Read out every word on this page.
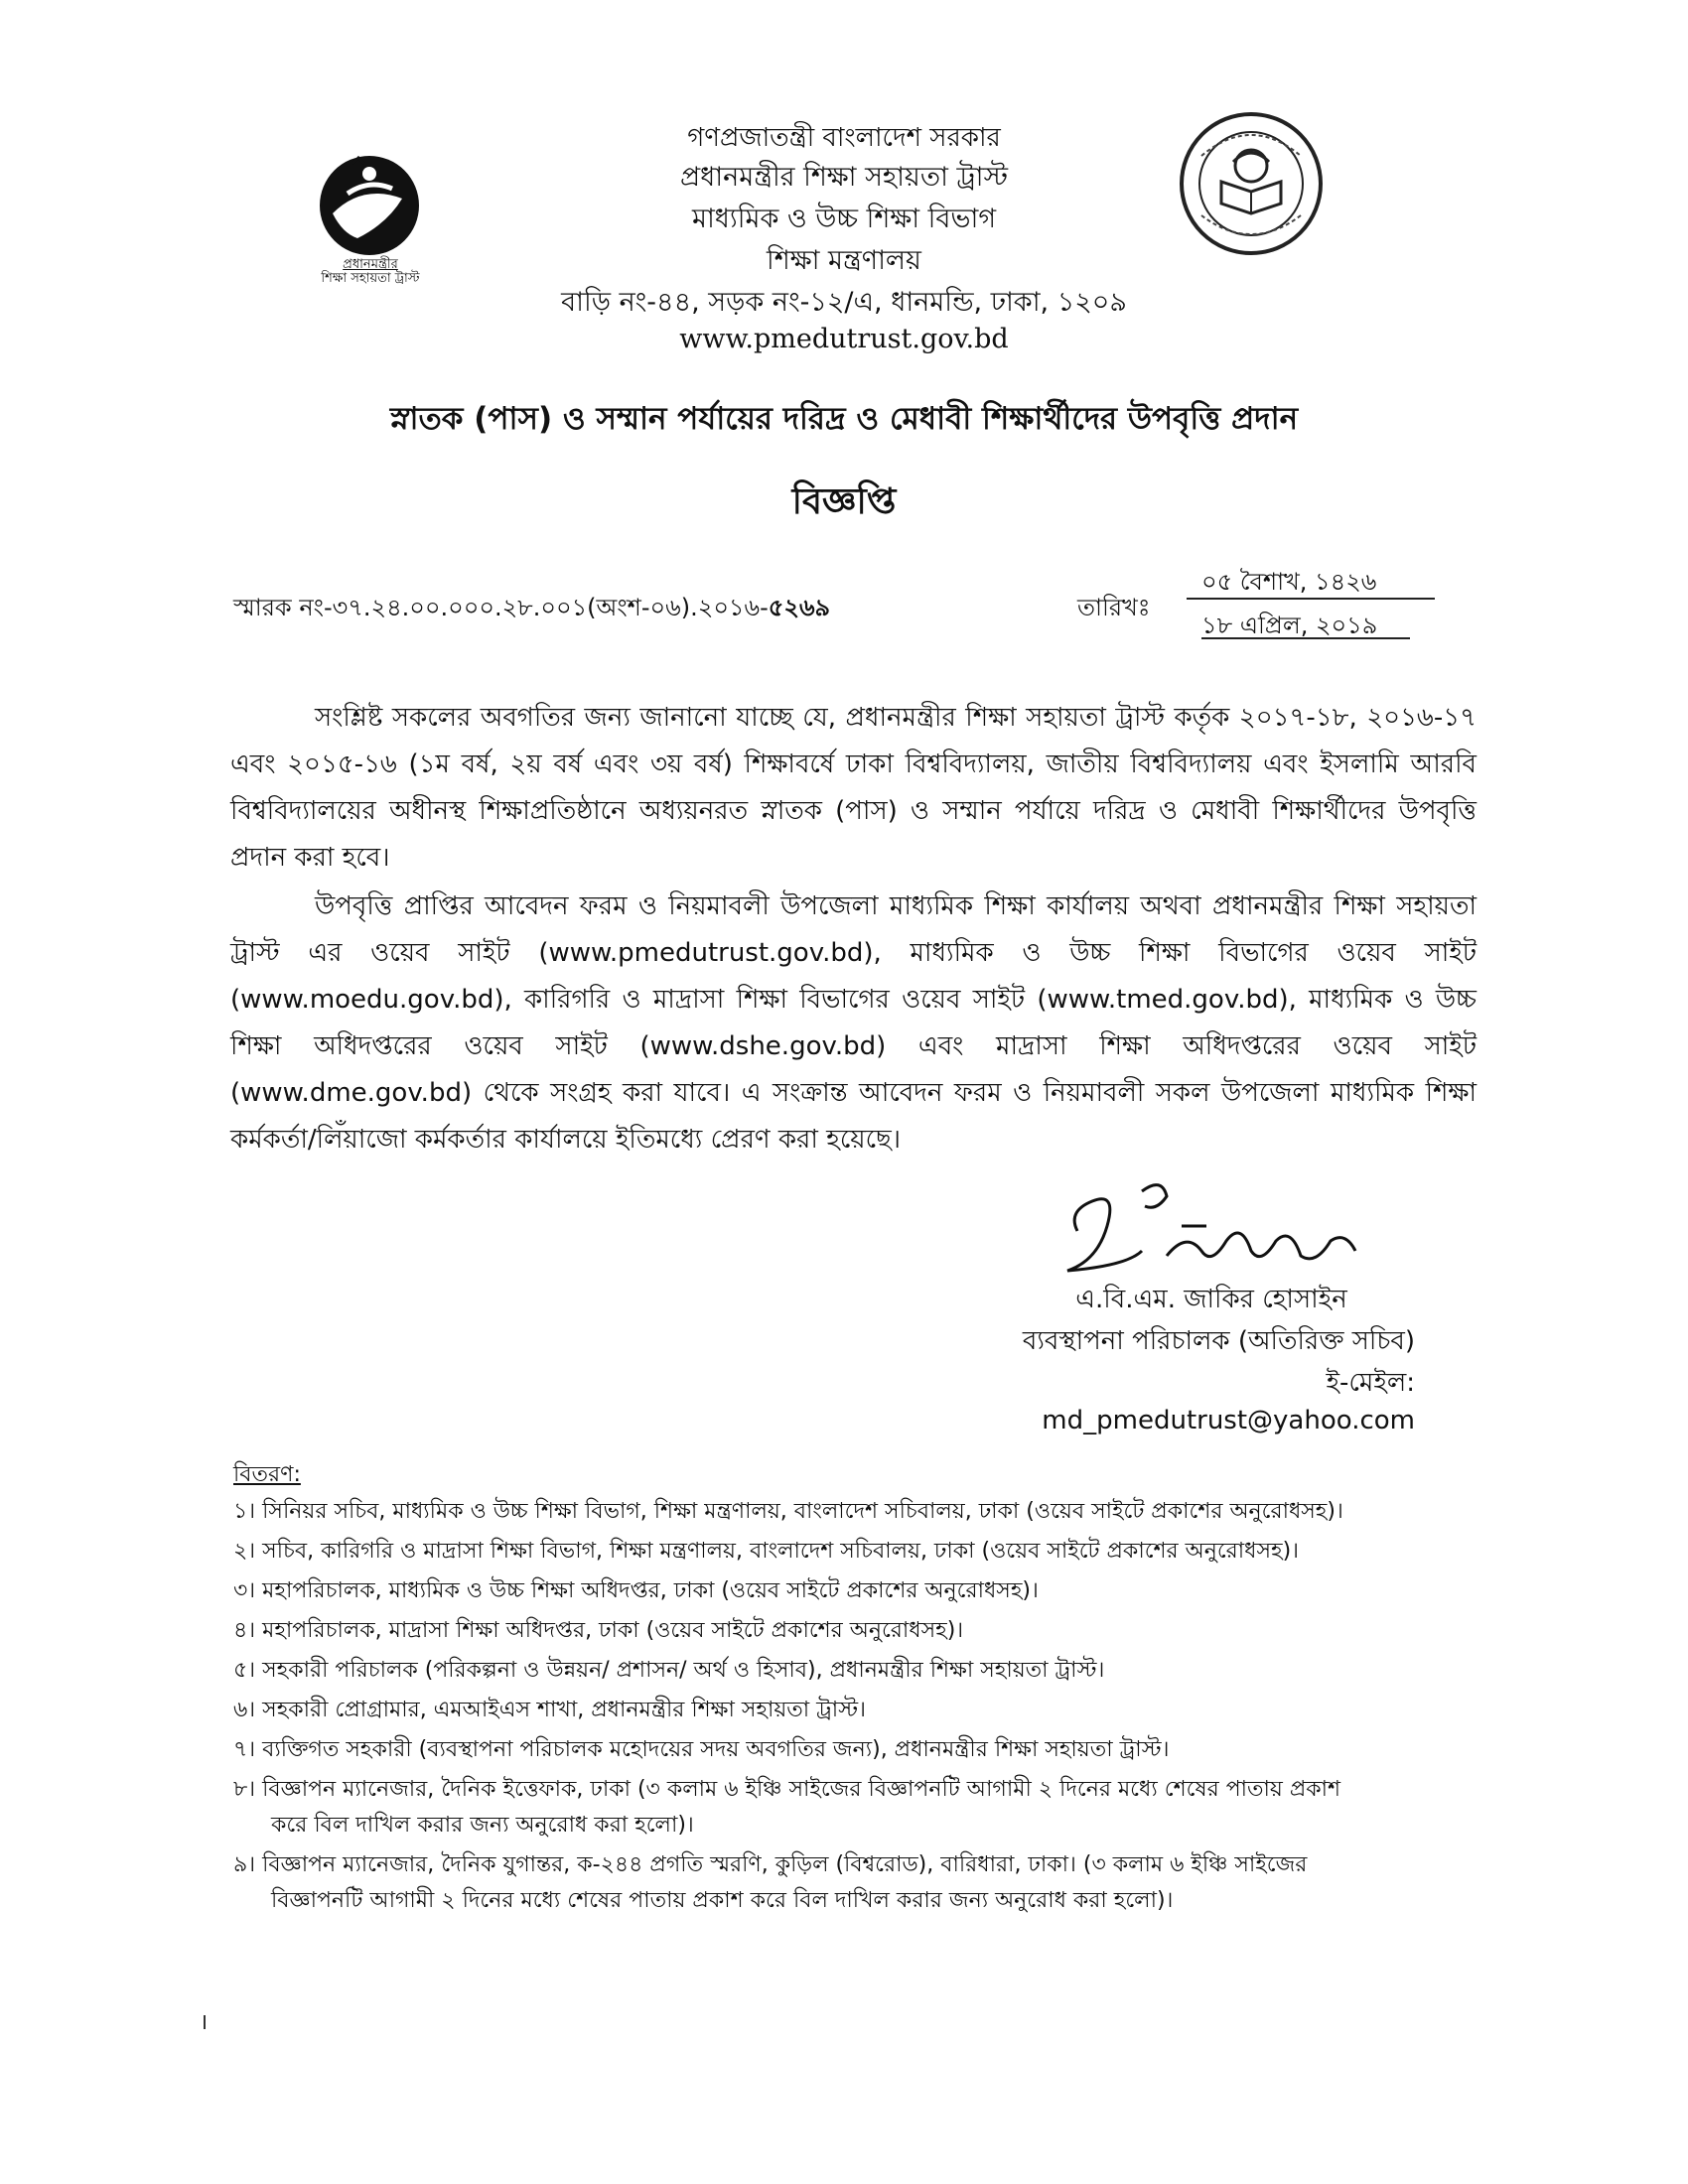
প্রধানমন্ত্রীর
শিক্ষা সহায়তা ট্রাস্ট
গণপ্রজাতন্ত্রী বাংলাদেশ সরকার
প্রধানমন্ত্রীর শিক্ষা সহায়তা ট্রাস্ট
মাধ্যমিক ও উচ্চ শিক্ষা বিভাগ
শিক্ষা মন্ত্রণালয়
বাড়ি নং-৪৪, সড়ক নং-১২/এ, ধানমন্ডি, ঢাকা, ১২০৯
www.pmedutrust.gov.bd
স্নাতক (পাস) ও সম্মান পর্যায়ের দরিদ্র ও মেধাবী শিক্ষার্থীদের উপবৃত্তি প্রদান
বিজ্ঞপ্তি
স্মারক নং-৩৭.২৪.০০.০০০.২৮.০০১(অংশ-০৬).২০১৬-৫২৬৯	তারিখঃ
০৫ বৈশাখ, ১৪২৬
১৮ এপ্রিল, ২০১৯
সংশ্লিষ্ট সকলের অবগতির জন্য জানানো যাচ্ছে যে, প্রধানমন্ত্রীর শিক্ষা সহায়তা ট্রাস্ট কর্তৃক ২০১৭-১৮, ২০১৬-১৭ এবং ২০১৫-১৬ (১ম বর্ষ, ২য় বর্ষ এবং ৩য় বর্ষ) শিক্ষাবর্ষে ঢাকা বিশ্ববিদ্যালয়, জাতীয় বিশ্ববিদ্যালয় এবং ইসলামি আরবি বিশ্ববিদ্যালয়ের অধীনস্থ শিক্ষাপ্রতিষ্ঠানে অধ্যয়নরত স্নাতক (পাস) ও সম্মান পর্যায়ে দরিদ্র ও মেধাবী শিক্ষার্থীদের উপবৃত্তি প্রদান করা হবে।
উপবৃত্তি প্রাপ্তির আবেদন ফরম ও নিয়মাবলী উপজেলা মাধ্যমিক শিক্ষা কার্যালয় অথবা প্রধানমন্ত্রীর শিক্ষা সহায়তা ট্রাস্ট এর ওয়েব সাইট (www.pmedutrust.gov.bd), মাধ্যমিক ও উচ্চ শিক্ষা বিভাগের ওয়েব সাইট (www.moedu.gov.bd), কারিগরি ও মাদ্রাসা শিক্ষা বিভাগের ওয়েব সাইট (www.tmed.gov.bd), মাধ্যমিক ও উচ্চ শিক্ষা অধিদপ্তরের ওয়েব সাইট (www.dshe.gov.bd) এবং মাদ্রাসা শিক্ষা অধিদপ্তরের ওয়েব সাইট (www.dme.gov.bd) থেকে সংগ্রহ করা যাবে। এ সংক্রান্ত আবেদন ফরম ও নিয়মাবলী সকল উপজেলা মাধ্যমিক শিক্ষা কর্মকর্তা/লিঁয়াজো কর্মকর্তার কার্যালয়ে ইতিমধ্যে প্রেরণ করা হয়েছে।
এ.বি.এম. জাকির হোসাইন
ব্যবস্থাপনা পরিচালক (অতিরিক্ত সচিব)
ই-মেইল: md_pmedutrust@yahoo.com
বিতরণ:
১। সিনিয়র সচিব, মাধ্যমিক ও উচ্চ শিক্ষা বিভাগ, শিক্ষা মন্ত্রণালয়, বাংলাদেশ সচিবালয়, ঢাকা (ওয়েব সাইটে প্রকাশের অনুরোধসহ)।
২। সচিব, কারিগরি ও মাদ্রাসা শিক্ষা বিভাগ, শিক্ষা মন্ত্রণালয়, বাংলাদেশ সচিবালয়, ঢাকা (ওয়েব সাইটে প্রকাশের অনুরোধসহ)।
৩। মহাপরিচালক, মাধ্যমিক ও উচ্চ শিক্ষা অধিদপ্তর, ঢাকা (ওয়েব সাইটে প্রকাশের অনুরোধসহ)।
৪। মহাপরিচালক, মাদ্রাসা শিক্ষা অধিদপ্তর, ঢাকা (ওয়েব সাইটে প্রকাশের অনুরোধসহ)।
৫। সহকারী পরিচালক (পরিকল্পনা ও উন্নয়ন/ প্রশাসন/ অর্থ ও হিসাব), প্রধানমন্ত্রীর শিক্ষা সহায়তা ট্রাস্ট।
৬। সহকারী প্রোগ্রামার, এমআইএস শাখা, প্রধানমন্ত্রীর শিক্ষা সহায়তা ট্রাস্ট।
৭। ব্যক্তিগত সহকারী (ব্যবস্থাপনা পরিচালক মহোদয়ের সদয় অবগতির জন্য), প্রধানমন্ত্রীর শিক্ষা সহায়তা ট্রাস্ট।
৮। বিজ্ঞাপন ম্যানেজার, দৈনিক ইত্তেফাক, ঢাকা (৩ কলাম ৬ ইঞ্চি সাইজের বিজ্ঞাপনটি আগামী ২ দিনের মধ্যে শেষের পাতায় প্রকাশ
করে বিল দাখিল করার জন্য অনুরোধ করা হলো)।
৯। বিজ্ঞাপন ম্যানেজার, দৈনিক যুগান্তর, ক-২৪৪ প্রগতি স্মরণি, কুড়িল (বিশ্বরোড), বারিধারা, ঢাকা। (৩ কলাম ৬ ইঞ্চি সাইজের
বিজ্ঞাপনটি আগামী ২ দিনের মধ্যে শেষের পাতায় প্রকাশ করে বিল দাখিল করার জন্য অনুরোধ করা হলো)।
